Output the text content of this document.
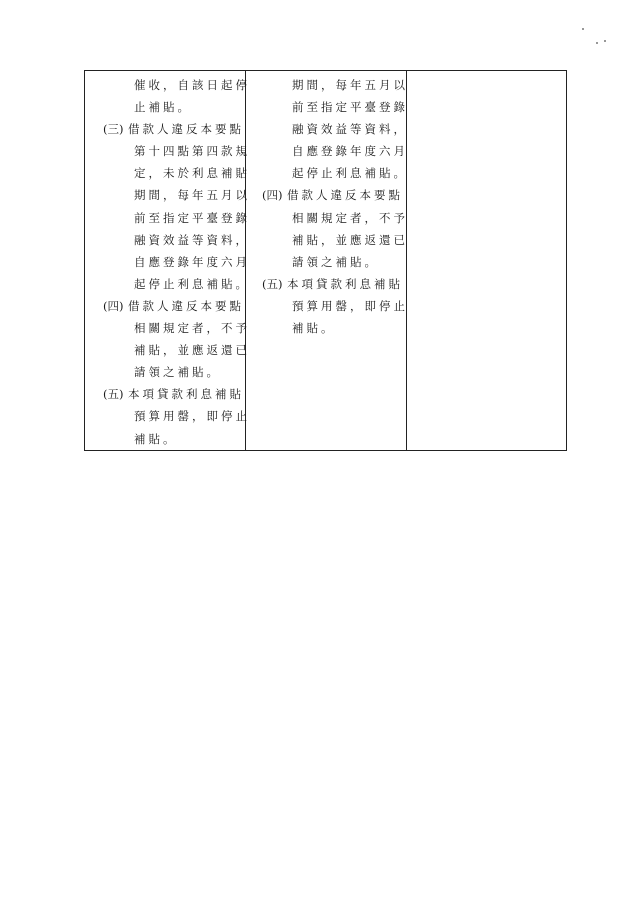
催收，自該日起停
止補貼。
(三) 借款人違反本要點
第十四點第四款規
定，未於利息補貼
期間，每年五月以
前至指定平臺登錄
融資效益等資料，
自應登錄年度六月
起停止利息補貼。
(四) 借款人違反本要點
相關規定者，不予
補貼，並應返還已
請領之補貼。
(五) 本項貸款利息補貼
預算用罄，即停止
補貼。

期間，每年五月以
前至指定平臺登錄
融資效益等資料，
自應登錄年度六月
起停止利息補貼。
(四) 借款人違反本要點
相關規定者，不予
補貼，並應返還已
請領之補貼。
(五) 本項貸款利息補貼
預算用罄，即停止
補貼。
